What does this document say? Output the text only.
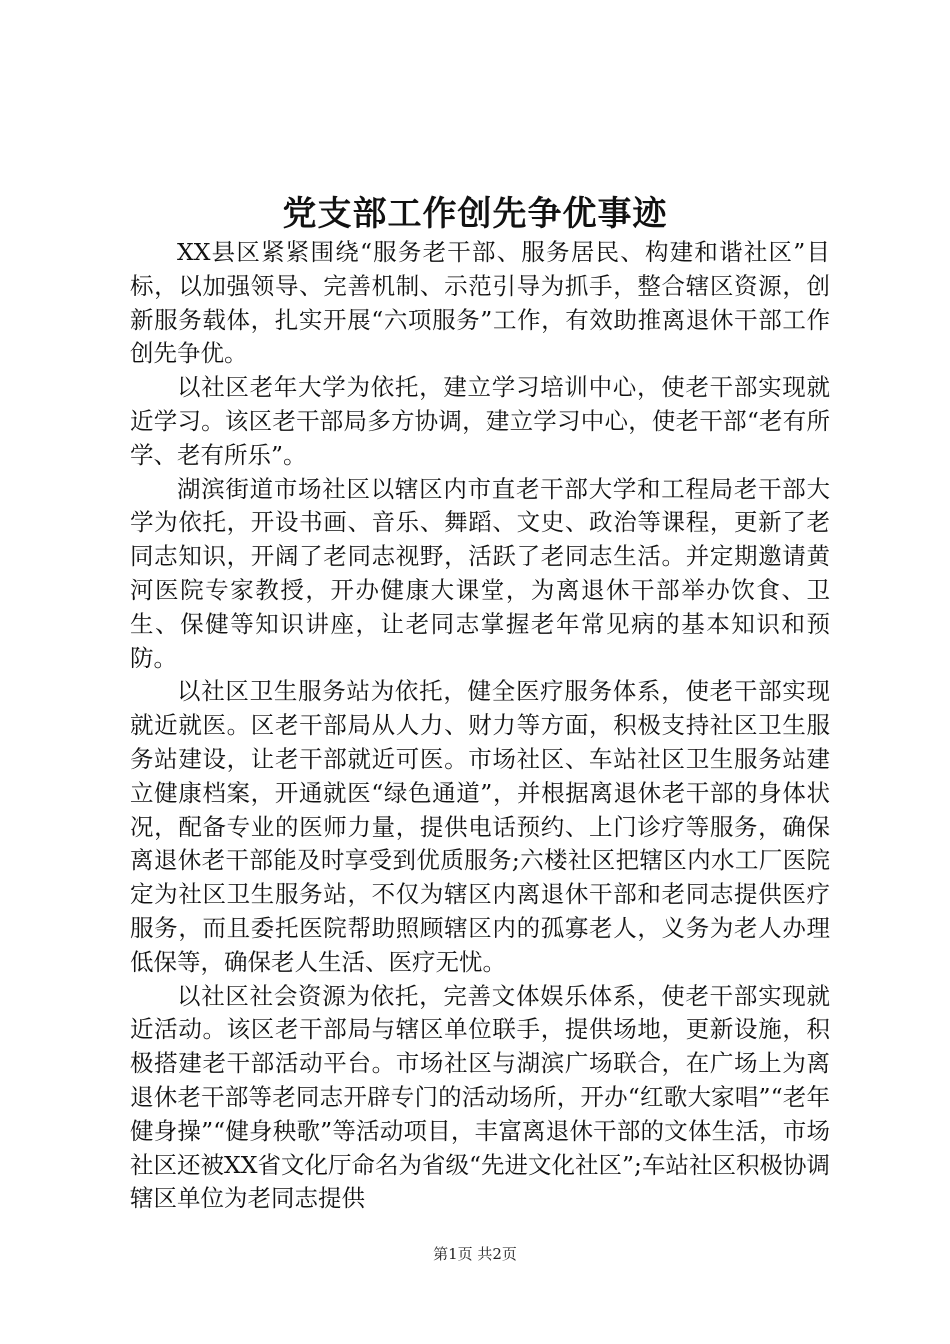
党支部工作创先争优事迹

XX县区紧紧围绕“服务老干部、服务居民、构建和谐社区”目标，以加强领导、完善机制、示范引导为抓手，整合辖区资源，创新服务载体，扎实开展“六项服务”工作，有效助推离退休干部工作创先争优。

以社区老年大学为依托，建立学习培训中心，使老干部实现就近学习。该区老干部局多方协调，建立学习中心，使老干部“老有所学、老有所乐”。

湖滨街道市场社区以辖区内市直老干部大学和工程局老干部大学为依托，开设书画、音乐、舞蹈、文史、政治等课程，更新了老同志知识，开阔了老同志视野，活跃了老同志生活。并定期邀请黄河医院专家教授，开办健康大课堂，为离退休干部举办饮食、卫生、保健等知识讲座，让老同志掌握老年常见病的基本知识和预防。

以社区卫生服务站为依托，健全医疗服务体系，使老干部实现就近就医。区老干部局从人力、财力等方面，积极支持社区卫生服务站建设，让老干部就近可医。市场社区、车站社区卫生服务站建立健康档案，开通就医“绿色通道”，并根据离退休老干部的身体状况，配备专业的医师力量，提供电话预约、上门诊疗等服务，确保离退休老干部能及时享受到优质服务;六楼社区把辖区内水工厂医院定为社区卫生服务站，不仅为辖区内离退休干部和老同志提供医疗服务，而且委托医院帮助照顾辖区内的孤寡老人，义务为老人办理低保等，确保老人生活、医疗无忧。

以社区社会资源为依托，完善文体娱乐体系，使老干部实现就近活动。该区老干部局与辖区单位联手，提供场地，更新设施，积极搭建老干部活动平台。市场社区与湖滨广场联合，在广场上为离退休老干部等老同志开辟专门的活动场所，开办“红歌大家唱”“老年健身操”“健身秧歌”等活动项目，丰富离退休干部的文体生活，市场社区还被XX省文化厅命名为省级“先进文化社区”;车站社区积极协调辖区单位为老同志提供

第1页 共2页
